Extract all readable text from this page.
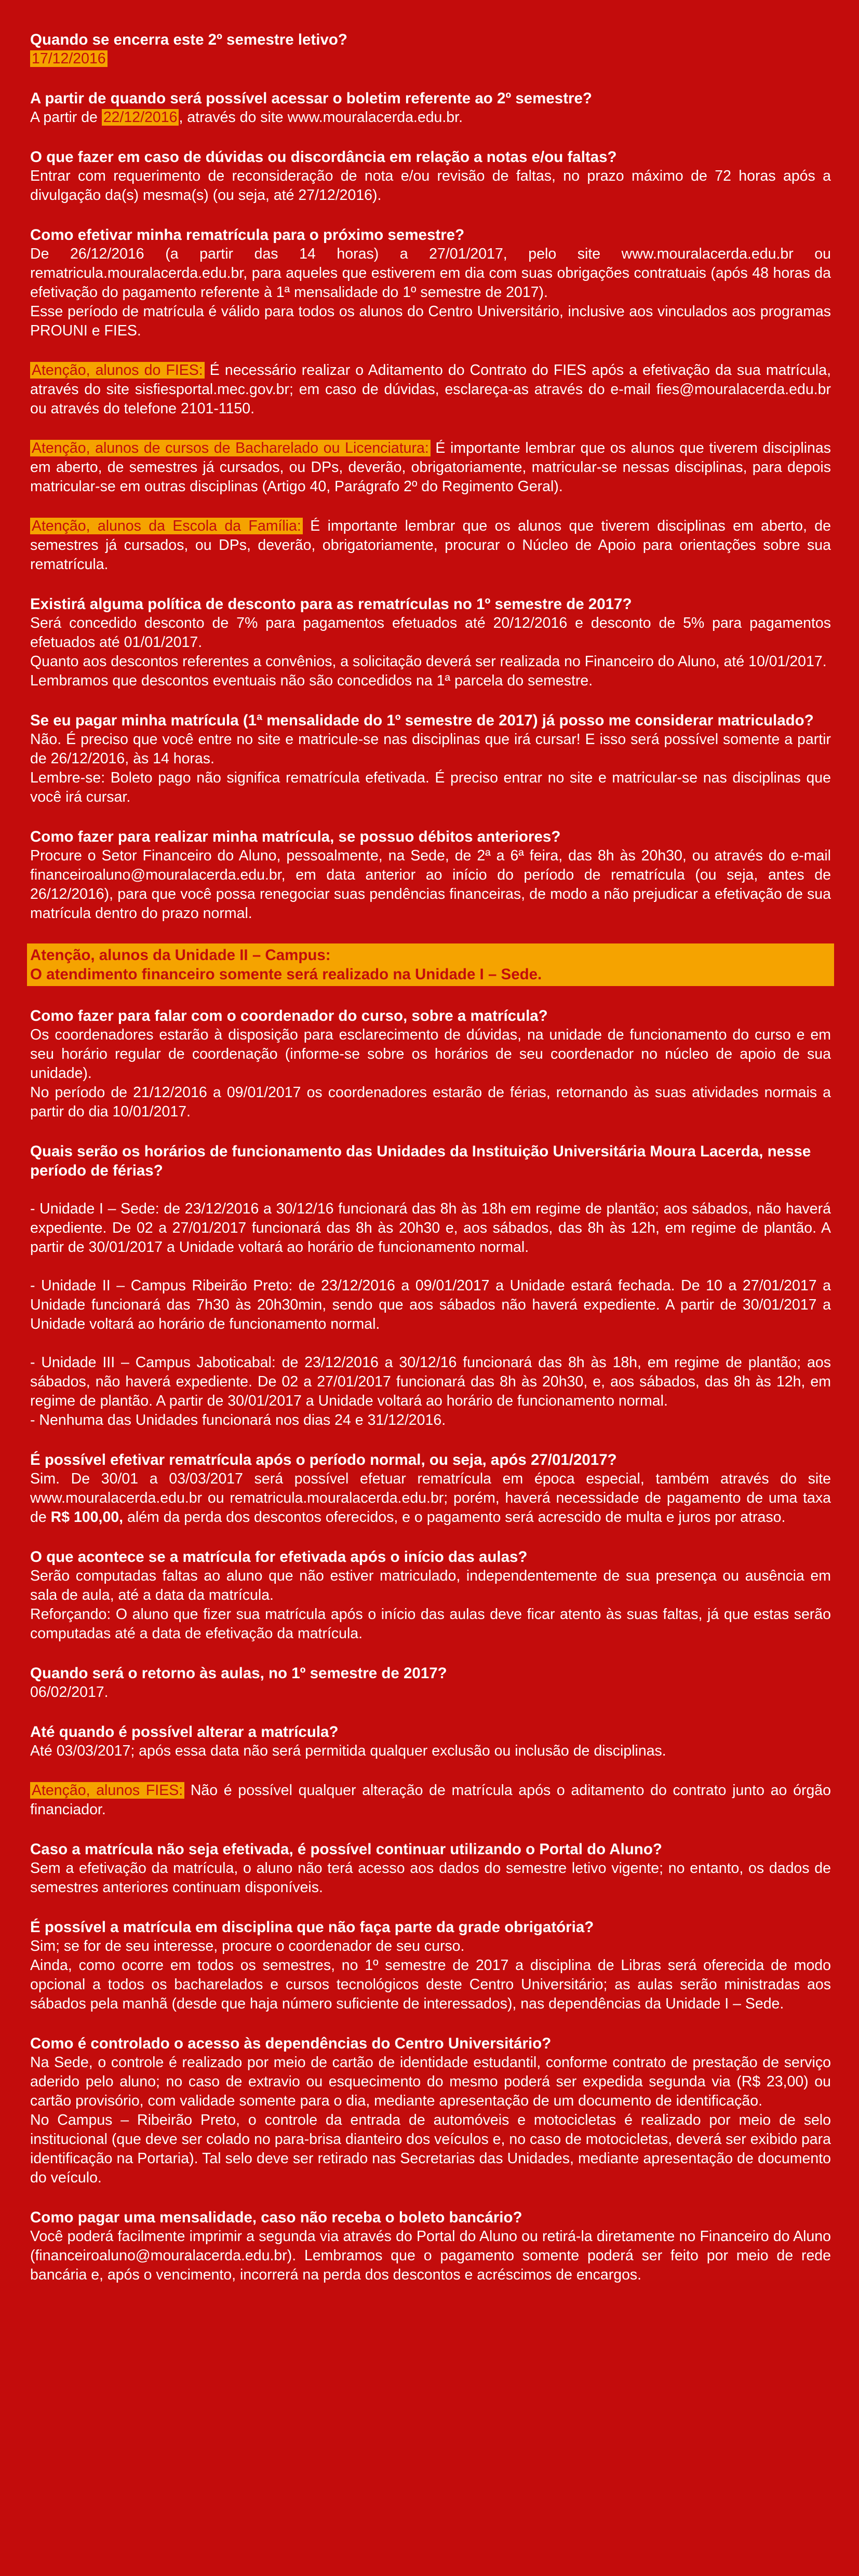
Quando se encerra este 2º semestre letivo?

17/12/2016

A partir de quando será possível acessar o boletim referente ao 2º semestre?

A partir de 22/12/2016 , através do site www.mouralacerda.edu.br.

O que fazer em caso de dúvidas ou discordância em relação a notas e/ou faltas?

Entrar com requerimento de reconsideração de nota e/ou revisão de faltas, no prazo máximo de 72 horas após a divulgação da(s) mesma(s) (ou seja, até 27/12/2016).

Como efetivar minha rematrícula para o próximo semestre?

De 26/12/2016 (a partir das 14 horas) a 27/01/2017, pelo site www.mouralacerda.edu.br ou rematricula.mouralacerda.edu.br, para aqueles que estiverem em dia com suas obrigações contratuais (após 48 horas da efetivação do pagamento referente à 1ª mensalidade do 1º semestre de 2017).

Esse período de matrícula é válido para todos os alunos do Centro Universitário, inclusive aos vinculados aos programas PROUNI e FIES.

Atenção, alunos do FIES: É necessário realizar o Aditamento do Contrato do FIES após a efetivação da sua matrícula, através do site sisfiesportal.mec.gov.br; em caso de dúvidas, esclareça-as através do e-mail fies@mouralacerda.edu.br ou através do telefone 2101-1150.

Atenção, alunos de cursos de Bacharelado ou Licenciatura: É importante lembrar que os alunos que tiverem disciplinas em aberto, de semestres já cursados, ou DPs, deverão, obrigatoriamente, matricular-se nessas disciplinas, para depois matricular-se em outras disciplinas (Artigo 40, Parágrafo 2º do Regimento Geral).

Atenção, alunos da Escola da Família: É importante lembrar que os alunos que tiverem disciplinas em aberto, de semestres já cursados, ou DPs, deverão, obrigatoriamente, procurar o Núcleo de Apoio para orientações sobre sua rematrícula.

Existirá alguma política de desconto para as rematrículas no 1º semestre de 2017?

Será concedido desconto de 7% para pagamentos efetuados até 20/12/2016 e desconto de 5% para pagamentos efetuados até 01/01/2017.

Quanto aos descontos referentes a convênios, a solicitação deverá ser realizada no Financeiro do Aluno, até 10/01/2017.

Lembramos que descontos eventuais não são concedidos na 1ª parcela do semestre.

Se eu pagar minha matrícula (1ª mensalidade do 1º semestre de 2017) já posso me considerar matriculado?

Não. É preciso que você entre no site e matricule-se nas disciplinas que irá cursar! E isso será possível somente a partir de 26/12/2016, às 14 horas.

Lembre-se: Boleto pago não significa rematrícula efetivada. É preciso entrar no site e matricular-se nas disciplinas que você irá cursar.

Como fazer para realizar minha matrícula, se possuo débitos anteriores?

Procure o Setor Financeiro do Aluno, pessoalmente, na Sede, de 2ª a 6ª feira, das 8h às 20h30, ou através do e-mail financeiroaluno@mouralacerda.edu.br, em data anterior ao início do período de rematrícula (ou seja, antes de 26/12/2016), para que você possa renegociar suas pendências financeiras, de modo a não prejudicar a efetivação de sua matrícula dentro do prazo normal.

Atenção, alunos da Unidade II – Campus:
O atendimento financeiro somente será realizado na Unidade I – Sede.

Como fazer para falar com o coordenador do curso, sobre a matrícula?

Os coordenadores estarão à disposição para esclarecimento de dúvidas, na unidade de funcionamento do curso e em seu horário regular de coordenação (informe-se sobre os horários de seu coordenador no núcleo de apoio de sua unidade).

No período de 21/12/2016 a 09/01/2017 os coordenadores estarão de férias, retornando às suas atividades normais a partir do dia 10/01/2017.

Quais serão os horários de funcionamento das Unidades da Instituição Universitária Moura Lacerda, nesse período de férias?

- Unidade I – Sede: de 23/12/2016 a 30/12/16 funcionará das 8h às 18h em regime de plantão; aos sábados, não haverá expediente. De 02 a 27/01/2017 funcionará das 8h às 20h30 e, aos sábados, das 8h às 12h, em regime de plantão. A partir de 30/01/2017 a Unidade voltará ao horário de funcionamento normal.

- Unidade II – Campus Ribeirão Preto: de 23/12/2016 a 09/01/2017 a Unidade estará fechada. De 10 a 27/01/2017 a Unidade funcionará das 7h30 às 20h30min, sendo que aos sábados não haverá expediente. A partir de 30/01/2017 a Unidade voltará ao horário de funcionamento normal.

- Unidade III – Campus Jaboticabal: de 23/12/2016 a 30/12/16 funcionará das 8h às 18h, em regime de plantão; aos sábados, não haverá expediente. De 02 a 27/01/2017 funcionará das 8h às 20h30, e, aos sábados, das 8h às 12h, em regime de plantão. A partir de 30/01/2017 a Unidade voltará ao horário de funcionamento normal.

- Nenhuma das Unidades funcionará nos dias 24 e 31/12/2016.

É possível efetivar rematrícula após o período normal, ou seja, após 27/01/2017?

Sim. De 30/01 a 03/03/2017 será possível efetuar rematrícula em época especial, também através do site www.mouralacerda.edu.br ou rematricula.mouralacerda.edu.br; porém, haverá necessidade de pagamento de uma taxa de R$ 100,00, além da perda dos descontos oferecidos, e o pagamento será acrescido de multa e juros por atraso.

O que acontece se a matrícula for efetivada após o início das aulas?

Serão computadas faltas ao aluno que não estiver matriculado, independentemente de sua presença ou ausência em sala de aula, até a data da matrícula.

Reforçando: O aluno que fizer sua matrícula após o início das aulas deve ficar atento às suas faltas, já que estas serão computadas até a data de efetivação da matrícula.

Quando será o retorno às aulas, no 1º semestre de 2017?

06/02/2017.

Até quando é possível alterar a matrícula?

Até 03/03/2017; após essa data não será permitida qualquer exclusão ou inclusão de disciplinas.

Atenção, alunos FIES: Não é possível qualquer alteração de matrícula após o aditamento do contrato junto ao órgão financiador.

Caso a matrícula não seja efetivada, é possível continuar utilizando o Portal do Aluno?

Sem a efetivação da matrícula, o aluno não terá acesso aos dados do semestre letivo vigente; no entanto, os dados de semestres anteriores continuam disponíveis.

É possível a matrícula em disciplina que não faça parte da grade obrigatória?

Sim; se for de seu interesse, procure o coordenador de seu curso.

Ainda, como ocorre em todos os semestres, no 1º semestre de 2017 a disciplina de Libras será oferecida de modo opcional a todos os bacharelados e cursos tecnológicos deste Centro Universitário; as aulas serão ministradas aos sábados pela manhã (desde que haja número suficiente de interessados), nas dependências da Unidade I – Sede.

Como é controlado o acesso às dependências do Centro Universitário?

Na Sede, o controle é realizado por meio de cartão de identidade estudantil, conforme contrato de prestação de serviço aderido pelo aluno; no caso de extravio ou esquecimento do mesmo poderá ser expedida segunda via (R$ 23,00) ou cartão provisório, com validade somente para o dia, mediante apresentação de um documento de identificação.

No Campus – Ribeirão Preto, o controle da entrada de automóveis e motocicletas é realizado por meio de selo institucional (que deve ser colado no para-brisa dianteiro dos veículos e, no caso de motocicletas, deverá ser exibido para identificação na Portaria). Tal selo deve ser retirado nas Secretarias das Unidades, mediante apresentação de documento do veículo.

Como pagar uma mensalidade, caso não receba o boleto bancário?

Você poderá facilmente imprimir a segunda via através do Portal do Aluno ou retirá-la diretamente no Financeiro do Aluno (financeiroaluno@mouralacerda.edu.br). Lembramos que o pagamento somente poderá ser feito por meio de rede bancária e, após o vencimento, incorrerá na perda dos descontos e acréscimos de encargos.
